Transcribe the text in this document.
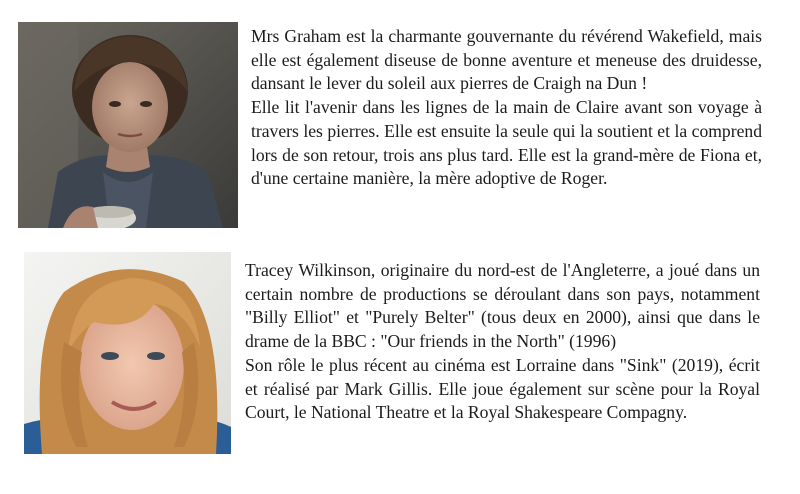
Mrs Graham est la charmante gouvernante du révérend Wakefield, mais elle est également diseuse de bonne aventure et meneuse des druidesse, dansant le lever du soleil aux pierres de Craigh na Dun !

Elle lit l'avenir dans les lignes de la main de Claire avant son voyage à travers les pierres. Elle est ensuite la seule qui la soutient et la comprend lors de son retour, trois ans plus tard. Elle est la grand-mère de Fiona et, d'une certaine manière, la mère adoptive de Roger.

Tracey Wilkinson, originaire du nord-est de l'Angleterre, a joué dans un certain nombre de productions se déroulant dans son pays, notamment "Billy Elliot" et "Purely Belter" (tous deux en 2000), ainsi que dans le drame de la BBC : "Our friends in the North" (1996)

Son rôle le plus récent au cinéma est Lorraine dans "Sink" (2019), écrit et réalisé par Mark Gillis. Elle joue également sur scène pour la Royal Court, le National Theatre et la Royal Shakespeare Compagny.
